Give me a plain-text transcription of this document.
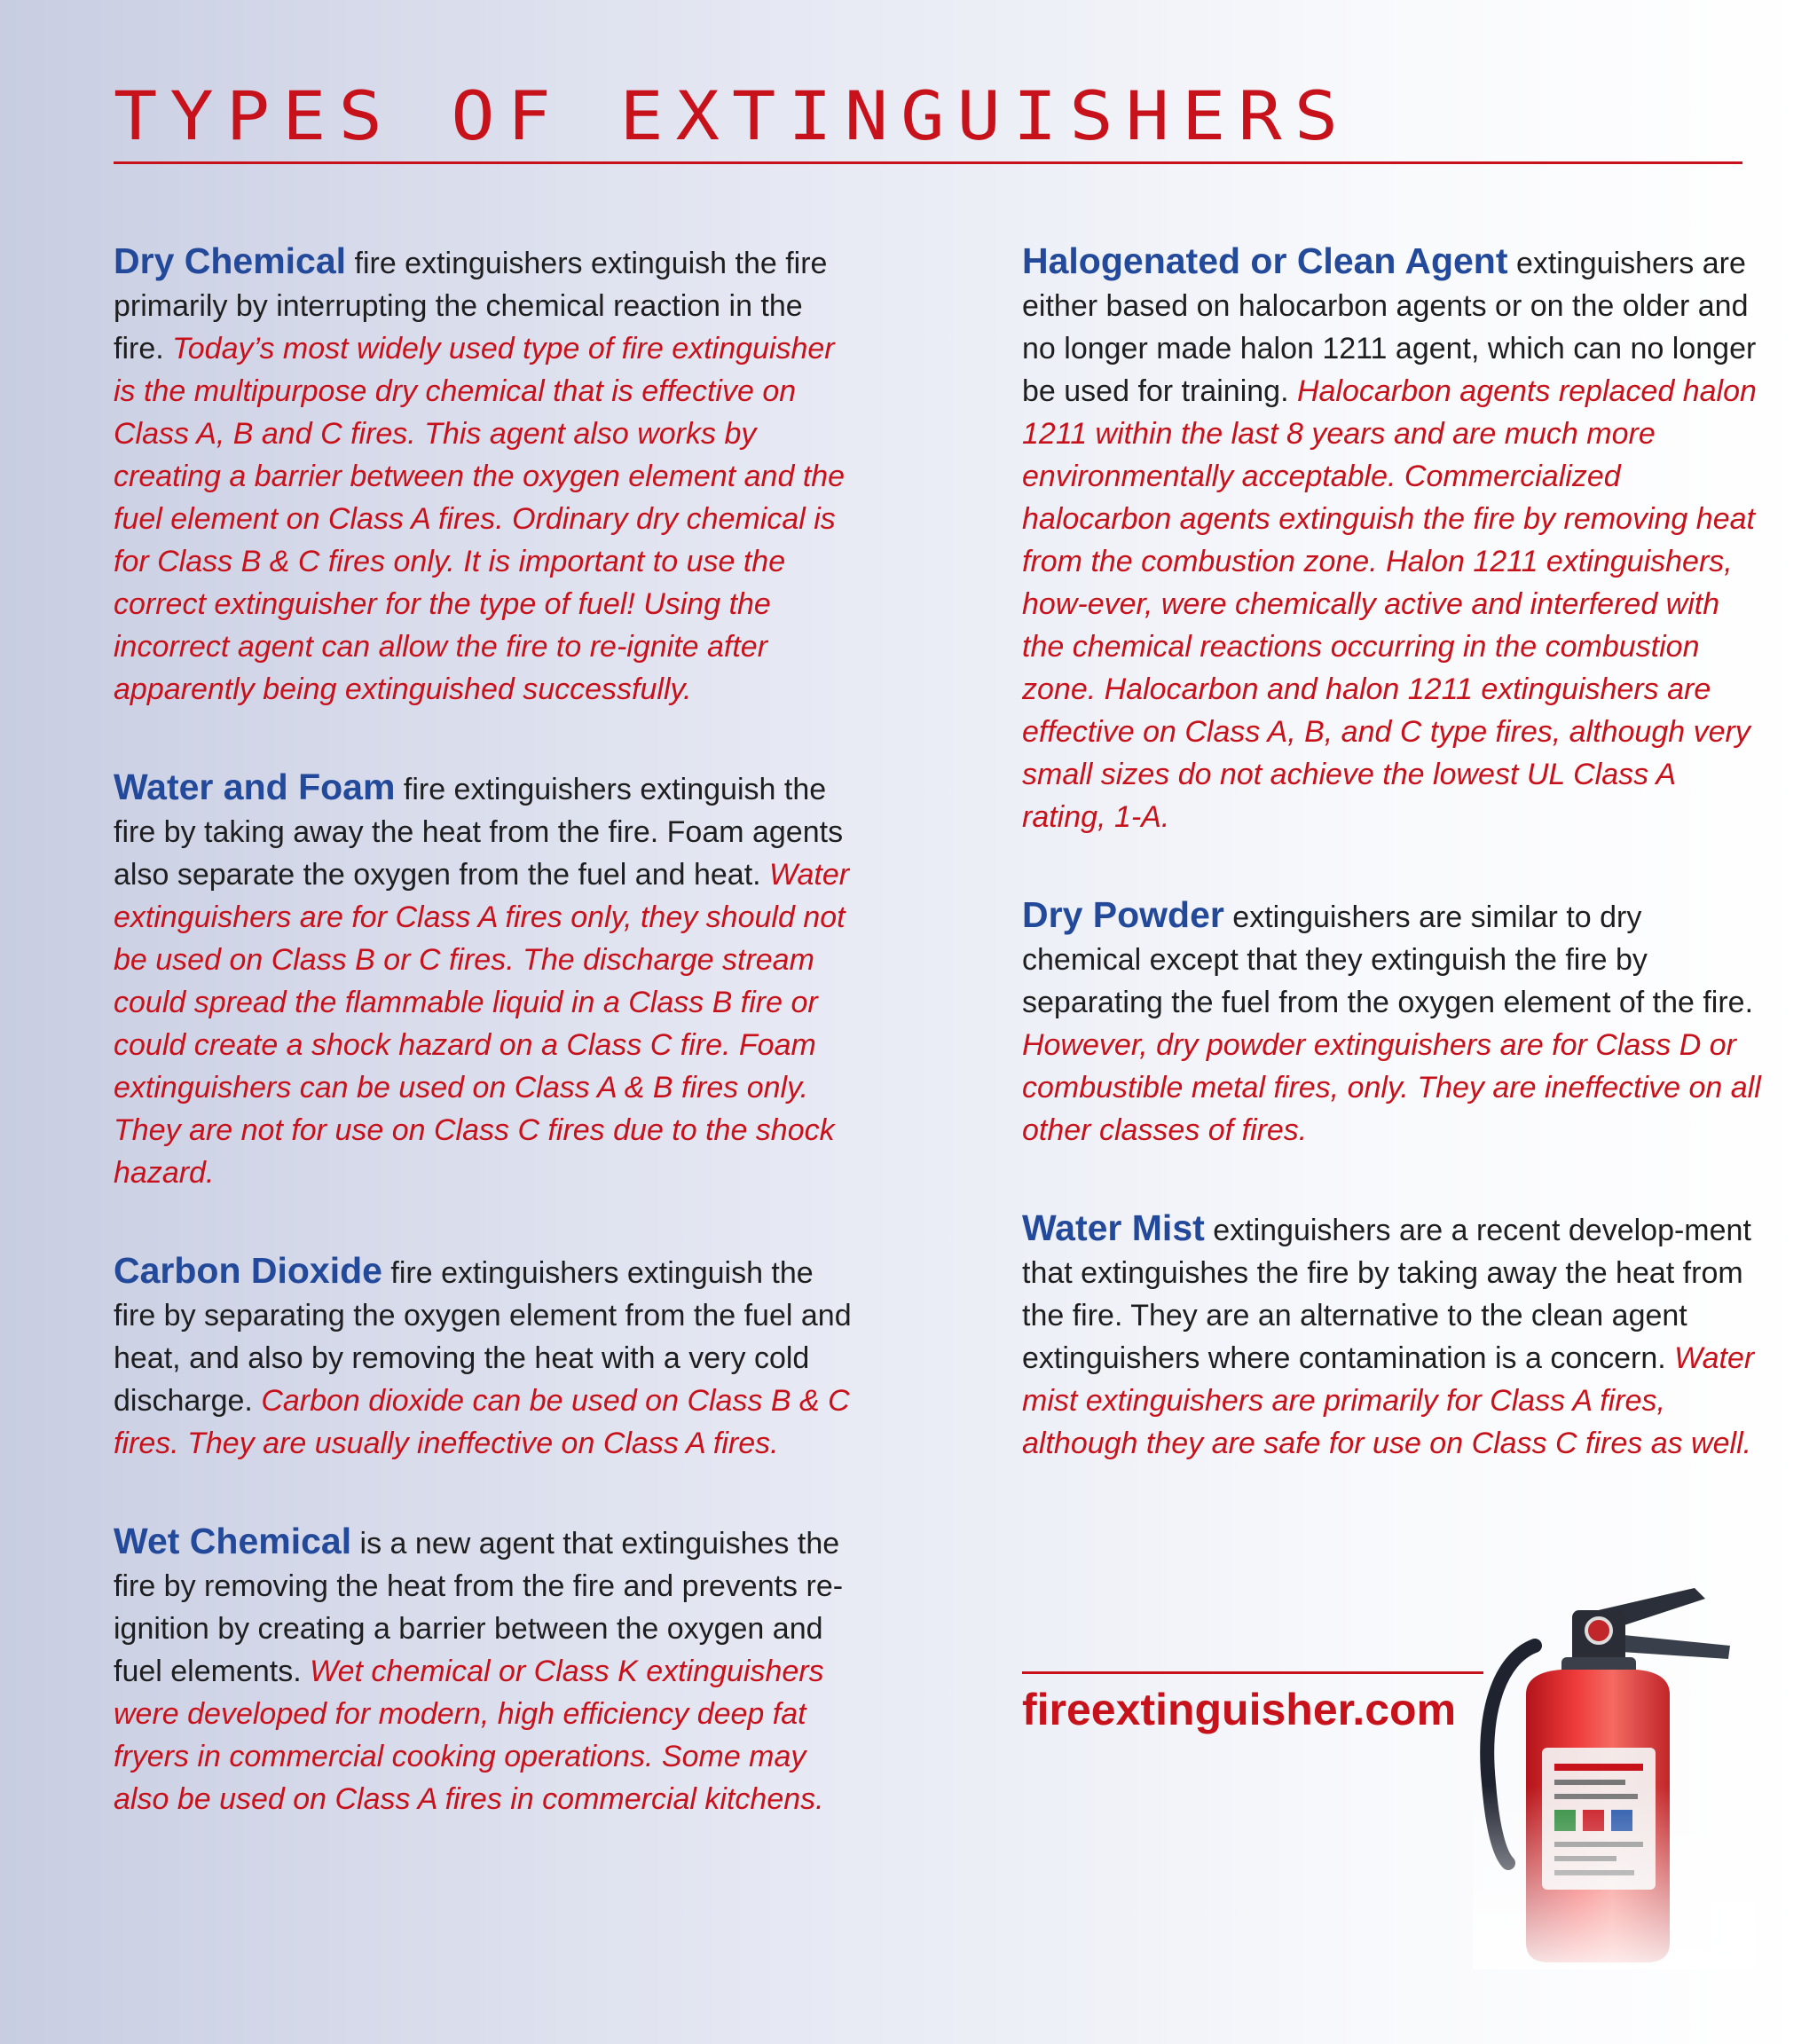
TYPES OF EXTINGUISHERS

Dry Chemical fire extinguishers extinguish the fire primarily by interrupting the chemical reaction in the fire. Today’s most widely used type of fire extinguisher is the multipurpose dry chemical that is effective on Class A, B and C fires. This agent also works by creating a barrier between the oxygen element and the fuel element on Class A fires. Ordinary dry chemical is for Class B & C fires only. It is important to use the correct extinguisher for the type of fuel! Using the incorrect agent can allow the fire to re-ignite after apparently being extinguished successfully.

Water and Foam fire extinguishers extinguish the fire by taking away the heat from the fire. Foam agents also separate the oxygen from the fuel and heat. Water extinguishers are for Class A fires only, they should not be used on Class B or C fires. The discharge stream could spread the flammable liquid in a Class B fire or could create a shock hazard on a Class C fire. Foam extinguishers can be used on Class A & B fires only. They are not for use on Class C fires due to the shock hazard.

Carbon Dioxide fire extinguishers extinguish the fire by separating the oxygen element from the fuel and heat, and also by removing the heat with a very cold discharge. Carbon dioxide can be used on Class B & C fires. They are usually ineffective on Class A fires.

Wet Chemical is a new agent that extinguishes the fire by removing the heat from the fire and prevents re-ignition by creating a barrier between the oxygen and fuel elements. Wet chemical or Class K extinguishers were developed for modern, high efficiency deep fat fryers in commercial cooking operations. Some may also be used on Class A fires in commercial kitchens.

Halogenated or Clean Agent extinguishers are either based on halocarbon agents or on the older and no longer made halon 1211 agent, which can no longer be used for training. Halocarbon agents replaced halon 1211 within the last 8 years and are much more environmentally acceptable. Commercialized halocarbon agents extinguish the fire by removing heat from the combustion zone. Halon 1211 extinguishers, how-ever, were chemically active and interfered with the chemical reactions occurring in the combustion zone. Halocarbon and halon 1211 extinguishers are effective on Class A, B, and C type fires, although very small sizes do not achieve the lowest UL Class A rating, 1-A.

Dry Powder extinguishers are similar to dry chemical except that they extinguish the fire by separating the fuel from the oxygen element of the fire. However, dry powder extinguishers are for Class D or combustible metal fires, only. They are ineffective on all other classes of fires.

Water Mist extinguishers are a recent develop-ment that extinguishes the fire by taking away the heat from the fire. They are an alternative to the clean agent extinguishers where contamination is a concern. Water mist extinguishers are primarily for Class A fires, although they are safe for use on Class C fires as well.

fireextinguisher.com
